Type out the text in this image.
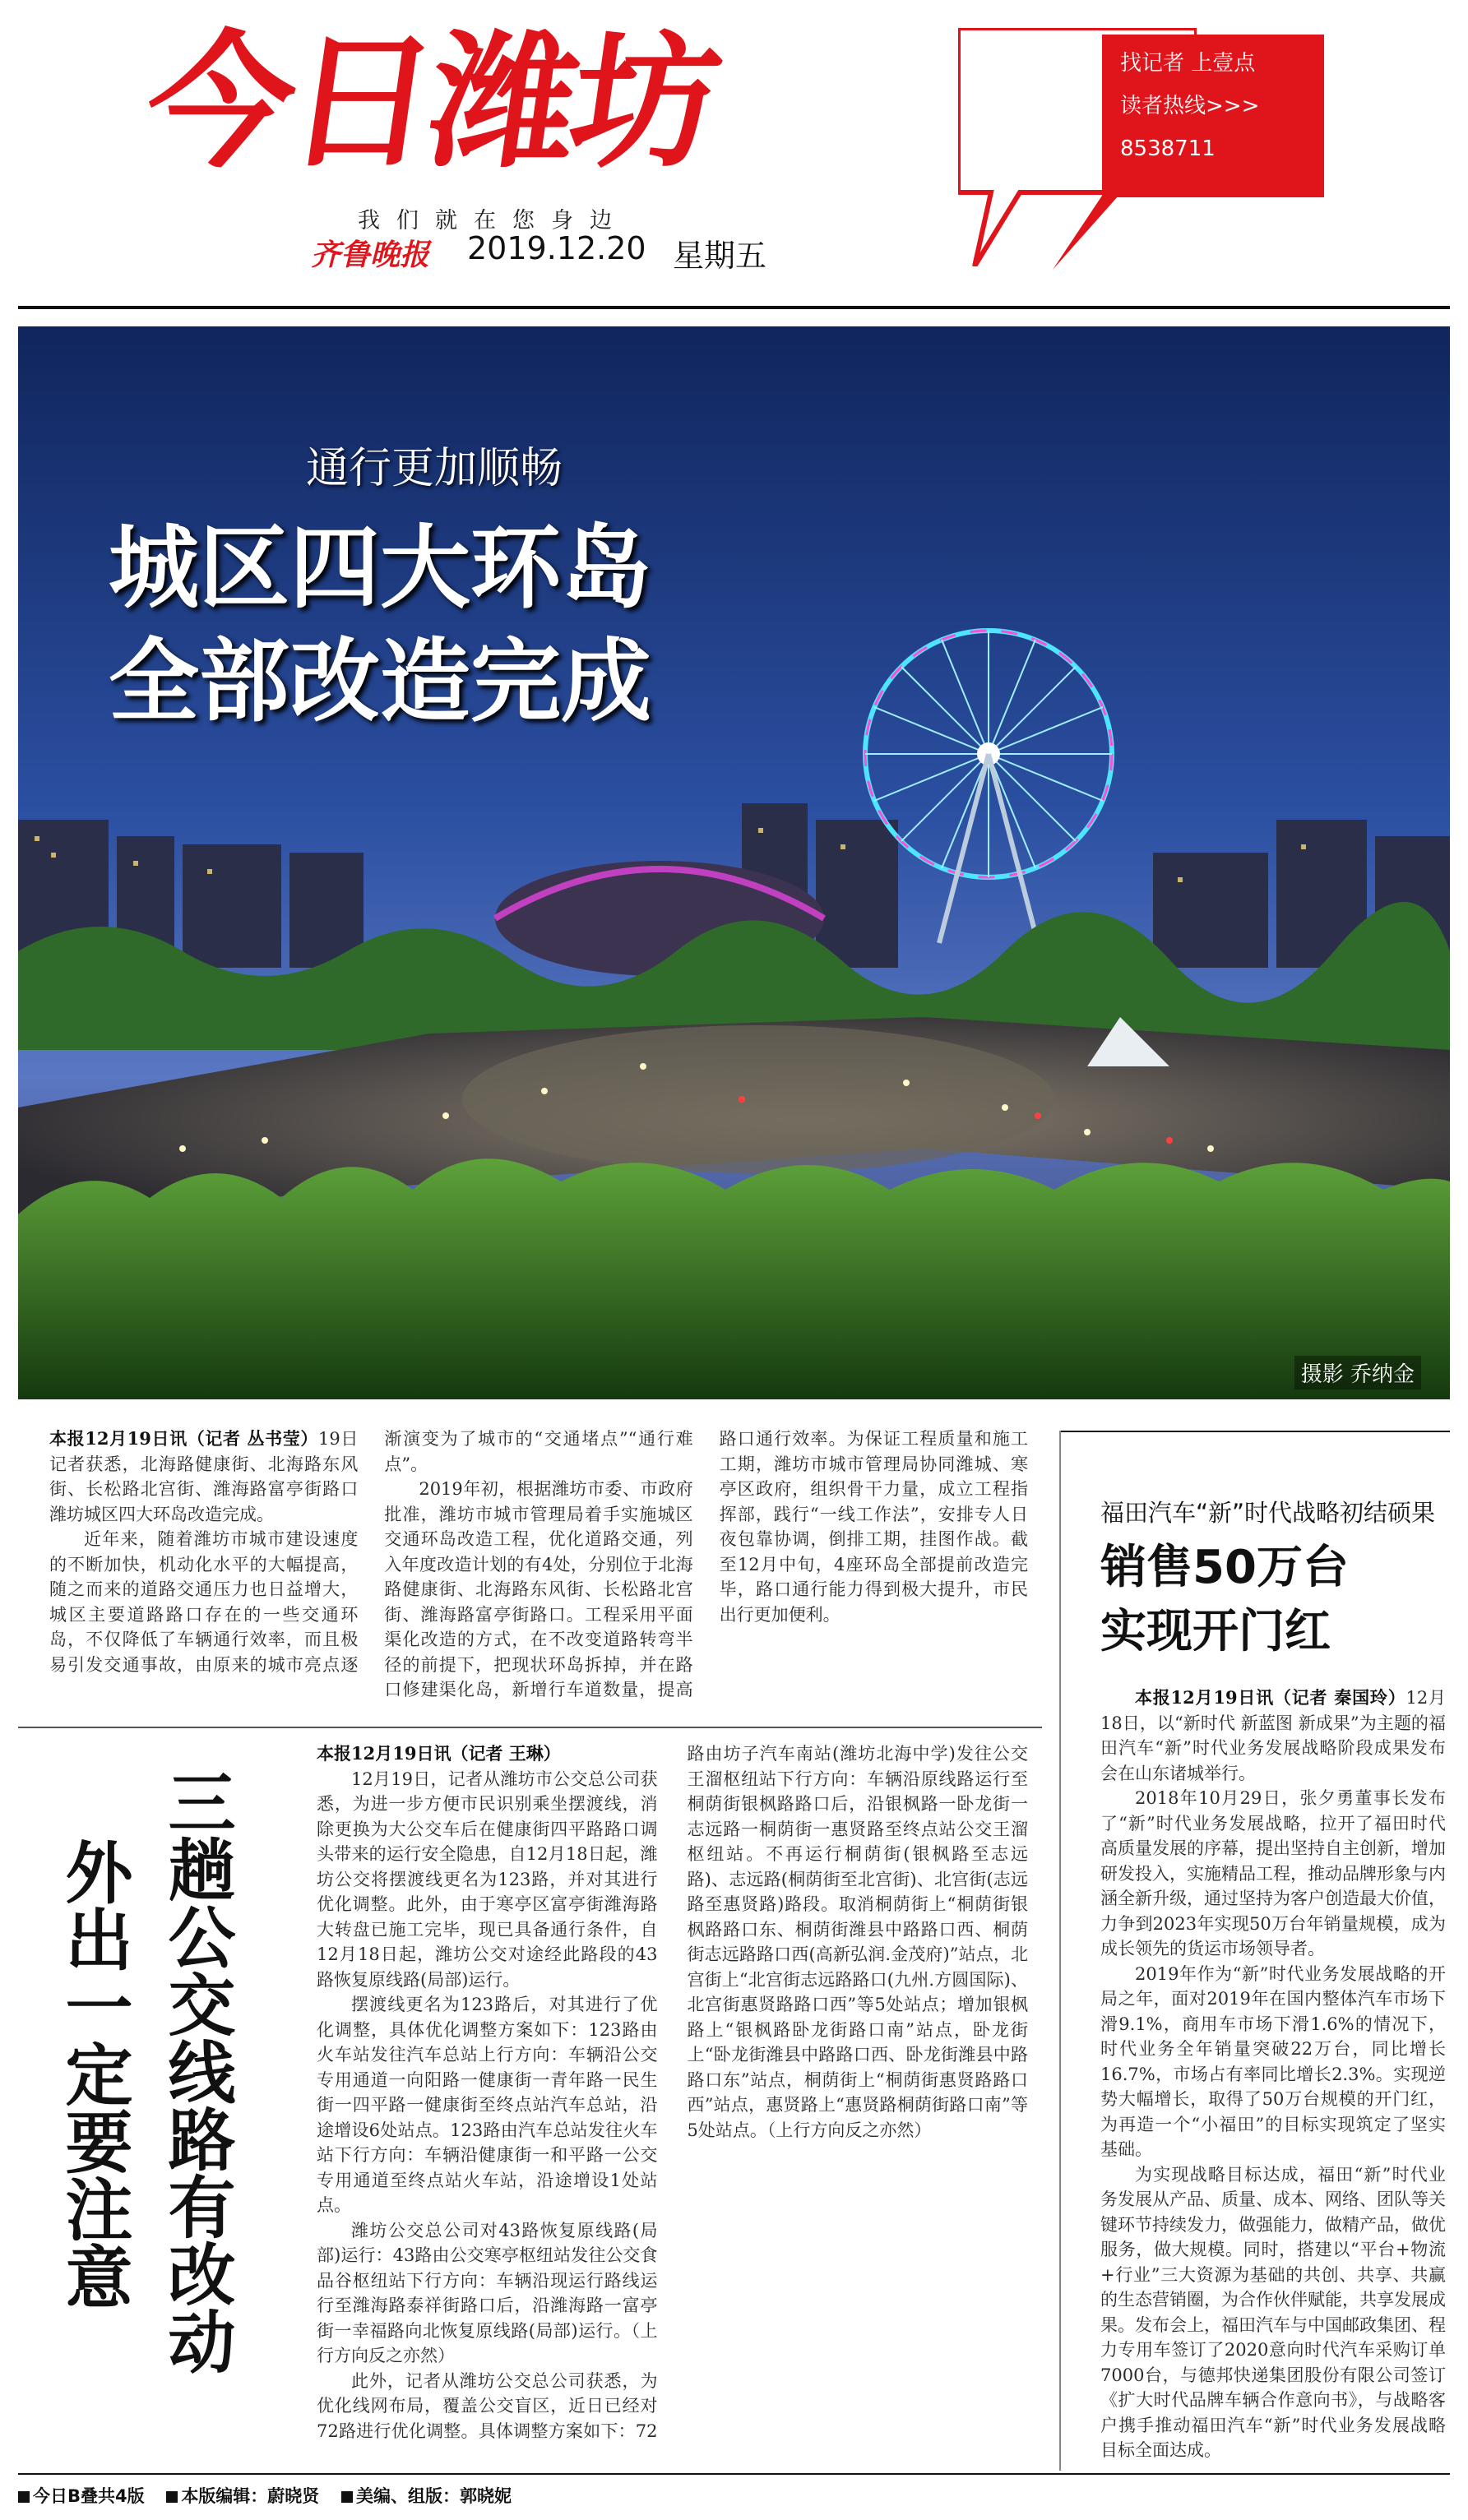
今日潍坊
我们就在您身边
齐鲁晚报 2019.12.20 星期五
找记者 上壹点
读者热线>>>
8538711
通行更加顺畅
城区四大环岛
全部改造完成
摄影 乔纳金

本报12月19日讯（记者 丛书莹）19日记者获悉，北海路健康街、北海路东风街、长松路北宫街、潍海路富亭街路口潍坊城区四大环岛改造完成。

近年来，随着潍坊市城市建设速度的不断加快，机动化水平的大幅提高，随之而来的道路交通压力也日益增大，城区主要道路路口存在的一些交通环岛，不仅降低了车辆通行效率，而且极易引发交通事故，由原来的城市亮点逐渐演变为了城市的“交通堵点”“通行难点”。

2019年初，根据潍坊市委、市政府批准，潍坊市城市管理局着手实施城区交通环岛改造工程，优化道路交通，列入年度改造计划的有4处，分别位于北海路健康街、北海路东风街、长松路北宫街、潍海路富亭街路口。工程采用平面渠化改造的方式，在不改变道路转弯半径的前提下，把现状环岛拆掉，并在路口修建渠化岛，新增行车道数量，提高路口通行效率。为保证工程质量和施工工期，潍坊市城市管理局协同潍城、寒亭区政府，组织骨干力量，成立工程指挥部，践行“一线工作法”，安排专人日夜包靠协调，倒排工期，挂图作战。截至12月中旬，4座环岛全部提前改造完毕，路口通行能力得到极大提升，市民出行更加便利。

三趟公交线路有改动
外出一定要注意

本报12月19日讯（记者 王琳）

12月19日，记者从潍坊市公交总公司获悉，为进一步方便市民识别乘坐摆渡线，消除更换为大公交车后在健康街四平路路口调头带来的运行安全隐患，自12月18日起，潍坊公交将摆渡线更名为123路，并对其进行优化调整。此外，由于寒亭区富亭街潍海路大转盘已施工完毕，现已具备通行条件，自12月18日起，潍坊公交对途经此路段的43路恢复原线路(局部)运行。

摆渡线更名为123路后，对其进行了优化调整，具体优化调整方案如下：123路由火车站发往汽车总站上行方向：车辆沿公交专用通道一向阳路一健康街一青年路一民生街一四平路一健康街至终点站汽车总站，沿途增设6处站点。123路由汽车总站发往火车站下行方向：车辆沿健康街一和平路一公交专用通道至终点站火车站，沿途增设1处站点。

潍坊公交总公司对43路恢复原线路(局部)运行：43路由公交寒亭枢纽站发往公交食品谷枢纽站下行方向：车辆沿现运行路线运行至潍海路泰祥街路口后，沿潍海路一富亭街一幸福路向北恢复原线路(局部)运行。（上行方向反之亦然）

此外，记者从潍坊公交总公司获悉，为优化线网布局，覆盖公交盲区，近日已经对72路进行优化调整。具体调整方案如下：72路由坊子汽车南站(潍坊北海中学)发往公交王溜枢纽站下行方向：车辆沿原线路运行至桐荫街银枫路路口后，沿银枫路一卧龙街一志远路一桐荫街一惠贤路至终点站公交王溜枢纽站。不再运行桐荫街(银枫路至志远路)、志远路(桐荫街至北宫街)、北宫街(志远路至惠贤路)路段。取消桐荫街上“桐荫街银枫路路口东、桐荫街潍县中路路口西、桐荫街志远路路口西(高新弘润.金茂府)”站点，北宫街上“北宫街志远路路口(九州.方圆国际)、北宫街惠贤路路口西”等5处站点；增加银枫路上“银枫路卧龙街路口南”站点，卧龙街上“卧龙街潍县中路路口西、卧龙街潍县中路路口东”站点，桐荫街上“桐荫街惠贤路路口西”站点，惠贤路上“惠贤路桐荫街路口南”等5处站点。（上行方向反之亦然）

福田汽车“新”时代战略初结硕果
销售50万台
实现开门红

本报12月19日讯（记者 秦国玲）12月18日，以“新时代 新蓝图 新成果”为主题的福田汽车“新”时代业务发展战略阶段成果发布会在山东诸城举行。

2018年10月29日，张夕勇董事长发布了“新”时代业务发展战略，拉开了福田时代高质量发展的序幕，提出坚持自主创新，增加研发投入，实施精品工程，推动品牌形象与内涵全新升级，通过坚持为客户创造最大价值，力争到2023年实现50万台年销量规模，成为成长领先的货运市场领导者。

2019年作为“新”时代业务发展战略的开局之年，面对2019年在国内整体汽车市场下滑9.1%，商用车市场下滑1.6%的情况下，时代业务全年销量突破22万台，同比增长16.7%，市场占有率同比增长2.3%。实现逆势大幅增长，取得了50万台规模的开门红，为再造一个“小福田”的目标实现筑定了坚实基础。

为实现战略目标达成，福田“新”时代业务发展从产品、质量、成本、网络、团队等关键环节持续发力，做强能力，做精产品，做优服务，做大规模。同时，搭建以“平台+物流+行业”三大资源为基础的共创、共享、共赢的生态营销圈，为合作伙伴赋能，共享发展成果。发布会上，福田汽车与中国邮政集团、程力专用车签订了2020意向时代汽车采购订单7000台，与德邦快递集团股份有限公司签订《扩大时代品牌车辆合作意向书》，与战略客户携手推动福田汽车“新”时代业务发展战略目标全面达成。

今日B叠共4版 本版编辑：蔚晓贤 美编、组版：郭晓妮
